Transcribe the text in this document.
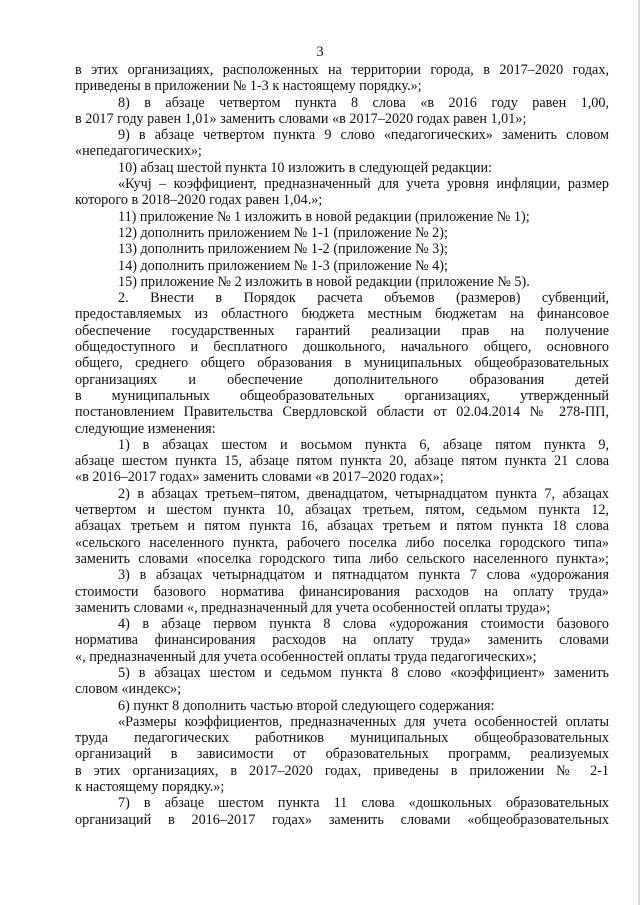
3
в этих организациях, расположенных на территории города, в 2017–2020 годах,
приведены в приложении № 1-3 к настоящему порядку.»;
8) в абзаце четвертом пункта 8 слова «в 2016 году равен 1,00,
в 2017 году равен 1,01» заменить словами «в 2017–2020 годах равен 1,01»;
9) в абзаце четвертом пункта 9 слово «педагогических» заменить словом
«непедагогических»;
10) абзац шестой пункта 10 изложить в следующей редакции:
«Кучј – коэффициент, предназначенный для учета уровня инфляции, размер
которого в 2018–2020 годах равен 1,04.»;
11) приложение № 1 изложить в новой редакции (приложение № 1);
12) дополнить приложением № 1-1 (приложение № 2);
13) дополнить приложением № 1-2 (приложение № 3);
14) дополнить приложением № 1-3 (приложение № 4);
15) приложение № 2 изложить в новой редакции (приложение № 5).
2. Внести в Порядок расчета объемов (размеров) субвенций,
предоставляемых из областного бюджета местным бюджетам на финансовое
обеспечение государственных гарантий реализации прав на получение
общедоступного и бесплатного дошкольного, начального общего, основного
общего, среднего общего образования в муниципальных общеобразовательных
организациях и обеспечение дополнительного образования детей
в муниципальных общеобразовательных организациях, утвержденный
постановлением Правительства Свердловской области от 02.04.2014 № 278-ПП,
следующие изменения:
1) в абзацах шестом и восьмом пункта 6, абзаце пятом пункта 9,
абзаце шестом пункта 15, абзаце пятом пункта 20, абзаце пятом пункта 21 слова
«в 2016–2017 годах» заменить словами «в 2017–2020 годах»;
2) в абзацах третьем–пятом, двенадцатом, четырнадцатом пункта 7, абзацах
четвертом и шестом пункта 10, абзацах третьем, пятом, седьмом пункта 12,
абзацах третьем и пятом пункта 16, абзацах третьем и пятом пункта 18 слова
«сельского населенного пункта, рабочего поселка либо поселка городского типа»
заменить словами «поселка городского типа либо сельского населенного пункта»;
3) в абзацах четырнадцатом и пятнадцатом пункта 7 слова «удорожания
стоимости базового норматива финансирования расходов на оплату труда»
заменить словами «, предназначенный для учета особенностей оплаты труда»;
4) в абзаце первом пункта 8 слова «удорожания стоимости базового
норматива финансирования расходов на оплату труда» заменить словами
«, предназначенный для учета особенностей оплаты труда педагогических»;
5) в абзацах шестом и седьмом пункта 8 слово «коэффициент» заменить
словом «индекс»;
6) пункт 8 дополнить частью второй следующего содержания:
«Размеры коэффициентов, предназначенных для учета особенностей оплаты
труда педагогических работников муниципальных общеобразовательных
организаций в зависимости от образовательных программ, реализуемых
в этих организациях, в 2017–2020 годах, приведены в приложении № 2-1
к настоящему порядку.»;
7) в абзаце шестом пункта 11 слова «дошкольных образовательных
организаций в 2016–2017 годах» заменить словами «общеобразовательных
